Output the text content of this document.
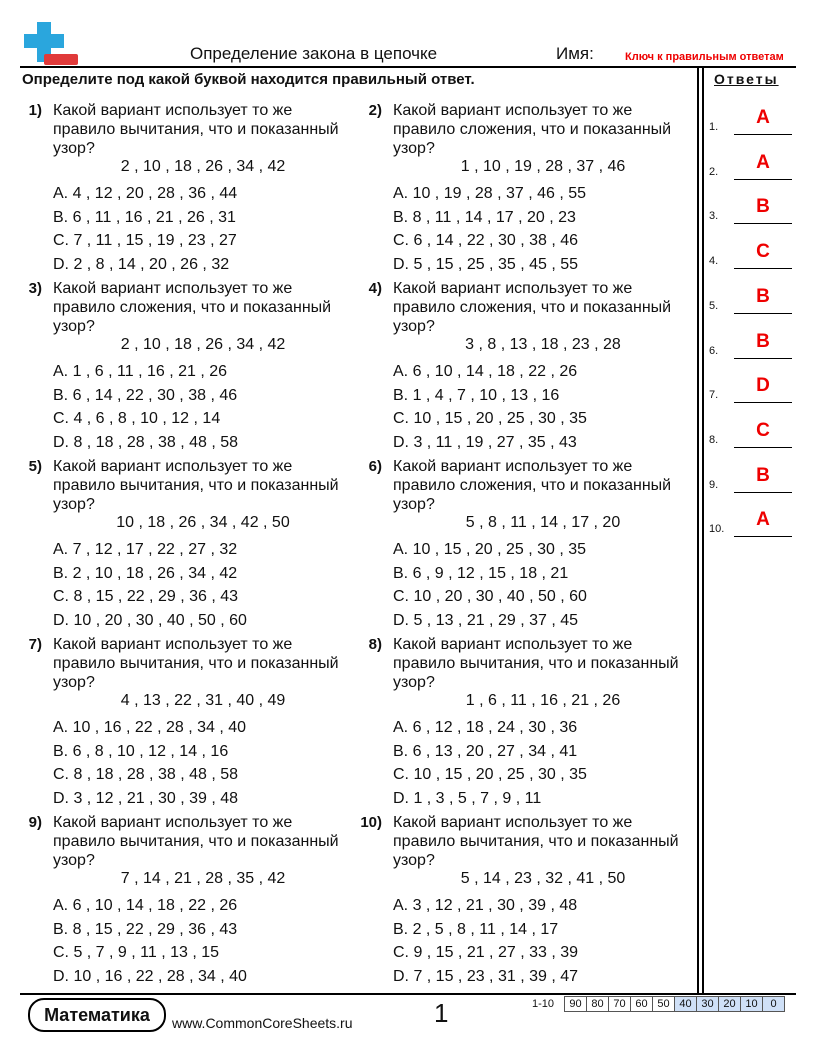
Определение закона в цепочке	Имя:	Ключ к правильным ответам
Определите под какой буквой находится правильный ответ.	Ответы
1) Какой вариант использует то же правило вычитания, что и показанный узор?
2 , 10 , 18 , 26 , 34 , 42
A. 4 , 12 , 20 , 28 , 36 , 44
B. 6 , 11 , 16 , 21 , 26 , 31
C. 7 , 11 , 15 , 19 , 23 , 27
D. 2 , 8 , 14 , 20 , 26 , 32
2) Какой вариант использует то же правило сложения, что и показанный узор?
1 , 10 , 19 , 28 , 37 , 46
A. 10 , 19 , 28 , 37 , 46 , 55
B. 8 , 11 , 14 , 17 , 20 , 23
C. 6 , 14 , 22 , 30 , 38 , 46
D. 5 , 15 , 25 , 35 , 45 , 55
3) Какой вариант использует то же правило сложения, что и показанный узор?
2 , 10 , 18 , 26 , 34 , 42
A. 1 , 6 , 11 , 16 , 21 , 26
B. 6 , 14 , 22 , 30 , 38 , 46
C. 4 , 6 , 8 , 10 , 12 , 14
D. 8 , 18 , 28 , 38 , 48 , 58
4) Какой вариант использует то же правило сложения, что и показанный узор?
3 , 8 , 13 , 18 , 23 , 28
A. 6 , 10 , 14 , 18 , 22 , 26
B. 1 , 4 , 7 , 10 , 13 , 16
C. 10 , 15 , 20 , 25 , 30 , 35
D. 3 , 11 , 19 , 27 , 35 , 43
5) Какой вариант использует то же правило вычитания, что и показанный узор?
10 , 18 , 26 , 34 , 42 , 50
A. 7 , 12 , 17 , 22 , 27 , 32
B. 2 , 10 , 18 , 26 , 34 , 42
C. 8 , 15 , 22 , 29 , 36 , 43
D. 10 , 20 , 30 , 40 , 50 , 60
6) Какой вариант использует то же правило сложения, что и показанный узор?
5 , 8 , 11 , 14 , 17 , 20
A. 10 , 15 , 20 , 25 , 30 , 35
B. 6 , 9 , 12 , 15 , 18 , 21
C. 10 , 20 , 30 , 40 , 50 , 60
D. 5 , 13 , 21 , 29 , 37 , 45
7) Какой вариант использует то же правило вычитания, что и показанный узор?
4 , 13 , 22 , 31 , 40 , 49
A. 10 , 16 , 22 , 28 , 34 , 40
B. 6 , 8 , 10 , 12 , 14 , 16
C. 8 , 18 , 28 , 38 , 48 , 58
D. 3 , 12 , 21 , 30 , 39 , 48
8) Какой вариант использует то же правило вычитания, что и показанный узор?
1 , 6 , 11 , 16 , 21 , 26
A. 6 , 12 , 18 , 24 , 30 , 36
B. 6 , 13 , 20 , 27 , 34 , 41
C. 10 , 15 , 20 , 25 , 30 , 35
D. 1 , 3 , 5 , 7 , 9 , 11
9) Какой вариант использует то же правило вычитания, что и показанный узор?
7 , 14 , 21 , 28 , 35 , 42
A. 6 , 10 , 14 , 18 , 22 , 26
B. 8 , 15 , 22 , 29 , 36 , 43
C. 5 , 7 , 9 , 11 , 13 , 15
D. 10 , 16 , 22 , 28 , 34 , 40
10) Какой вариант использует то же правило вычитания, что и показанный узор?
5 , 14 , 23 , 32 , 41 , 50
A. 3 , 12 , 21 , 30 , 39 , 48
B. 2 , 5 , 8 , 11 , 14 , 17
C. 9 , 15 , 21 , 27 , 33 , 39
D. 7 , 15 , 23 , 31 , 39 , 47
1.	A
2.	A
3.	B
4.	C
5.	B
6.	B
7.	D
8.	C
9.	B
10.	A
Математика	www.CommonCoreSheets.ru	1	1-10 90	80	70	60	50	40	30	20	10	0
